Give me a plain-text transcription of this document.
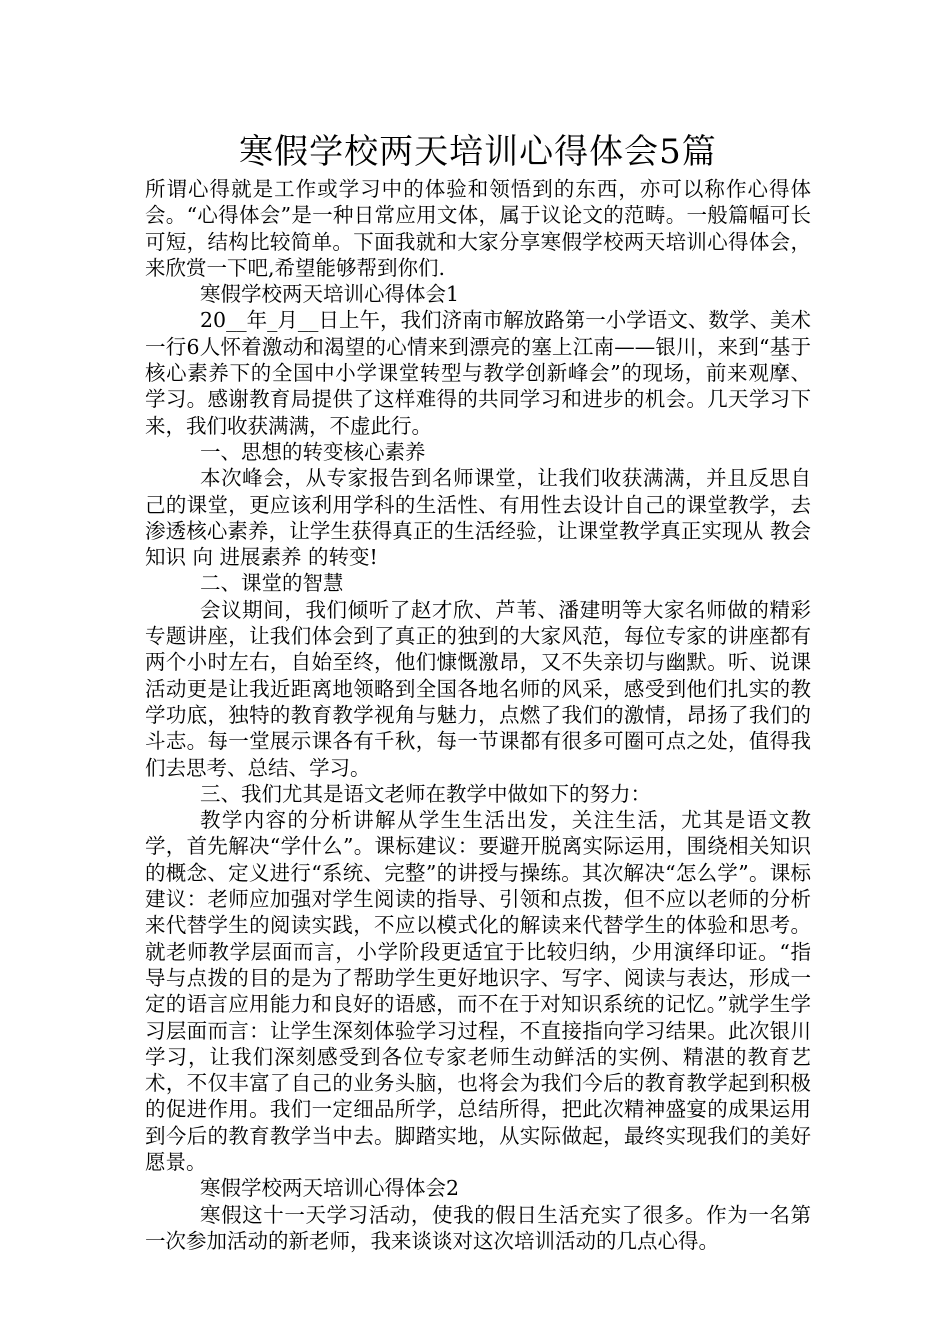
寒假学校两天培训心得体会5篇

所谓心得就是工作或学习中的体验和领悟到的东西，亦可以称作心得体会。“心得体会”是一种日常应用文体，属于议论文的范畴。一般篇幅可长可短，结构比较简单。下面我就和大家分享寒假学校两天培训心得体会，来欣赏一下吧,希望能够帮到你们.

寒假学校两天培训心得体会1

20__年_月__日上午，我们济南市解放路第一小学语文、数学、美术一行6人怀着激动和渴望的心情来到漂亮的塞上江南——银川，来到“基于核心素养下的全国中小学课堂转型与教学创新峰会”的现场，前来观摩、学习。感谢教育局提供了这样难得的共同学习和进步的机会。几天学习下来，我们收获满满，不虚此行。

一、思想的转变核心素养

本次峰会，从专家报告到名师课堂，让我们收获满满，并且反思自己的课堂，更应该利用学科的生活性、有用性去设计自己的课堂教学，去渗透核心素养，让学生获得真正的生活经验，让课堂教学真正实现从 教会知识 向 进展素养 的转变!

二、课堂的智慧

会议期间，我们倾听了赵才欣、芦苇、潘建明等大家名师做的精彩专题讲座，让我们体会到了真正的独到的大家风范，每位专家的讲座都有两个小时左右，自始至终，他们慷慨激昂，又不失亲切与幽默。听、说课活动更是让我近距离地领略到全国各地名师的风采，感受到他们扎实的教学功底，独特的教育教学视角与魅力，点燃了我们的激情，昂扬了我们的斗志。每一堂展示课各有千秋，每一节课都有很多可圈可点之处，值得我们去思考、总结、学习。

三、我们尤其是语文老师在教学中做如下的努力：

教学内容的分析讲解从学生生活出发，关注生活，尤其是语文教学，首先解决“学什么”。课标建议：要避开脱离实际运用，围绕相关知识的概念、定义进行“系统、完整”的讲授与操练。其次解决“怎么学”。课标建议：老师应加强对学生阅读的指导、引领和点拨，但不应以老师的分析来代替学生的阅读实践，不应以模式化的解读来代替学生的体验和思考。就老师教学层面而言，小学阶段更适宜于比较归纳，少用演绎印证。“指导与点拨的目的是为了帮助学生更好地识字、写字、阅读与表达，形成一定的语言应用能力和良好的语感，而不在于对知识系统的记忆。”就学生学习层面而言：让学生深刻体验学习过程，不直接指向学习结果。此次银川学习，让我们深刻感受到各位专家老师生动鲜活的实例、精湛的教育艺术，不仅丰富了自己的业务头脑，也将会为我们今后的教育教学起到积极的促进作用。我们一定细品所学，总结所得，把此次精神盛宴的成果运用到今后的教育教学当中去。脚踏实地，从实际做起，最终实现我们的美好愿景。

寒假学校两天培训心得体会2

寒假这十一天学习活动，使我的假日生活充实了很多。作为一名第一次参加活动的新老师，我来谈谈对这次培训活动的几点心得。
